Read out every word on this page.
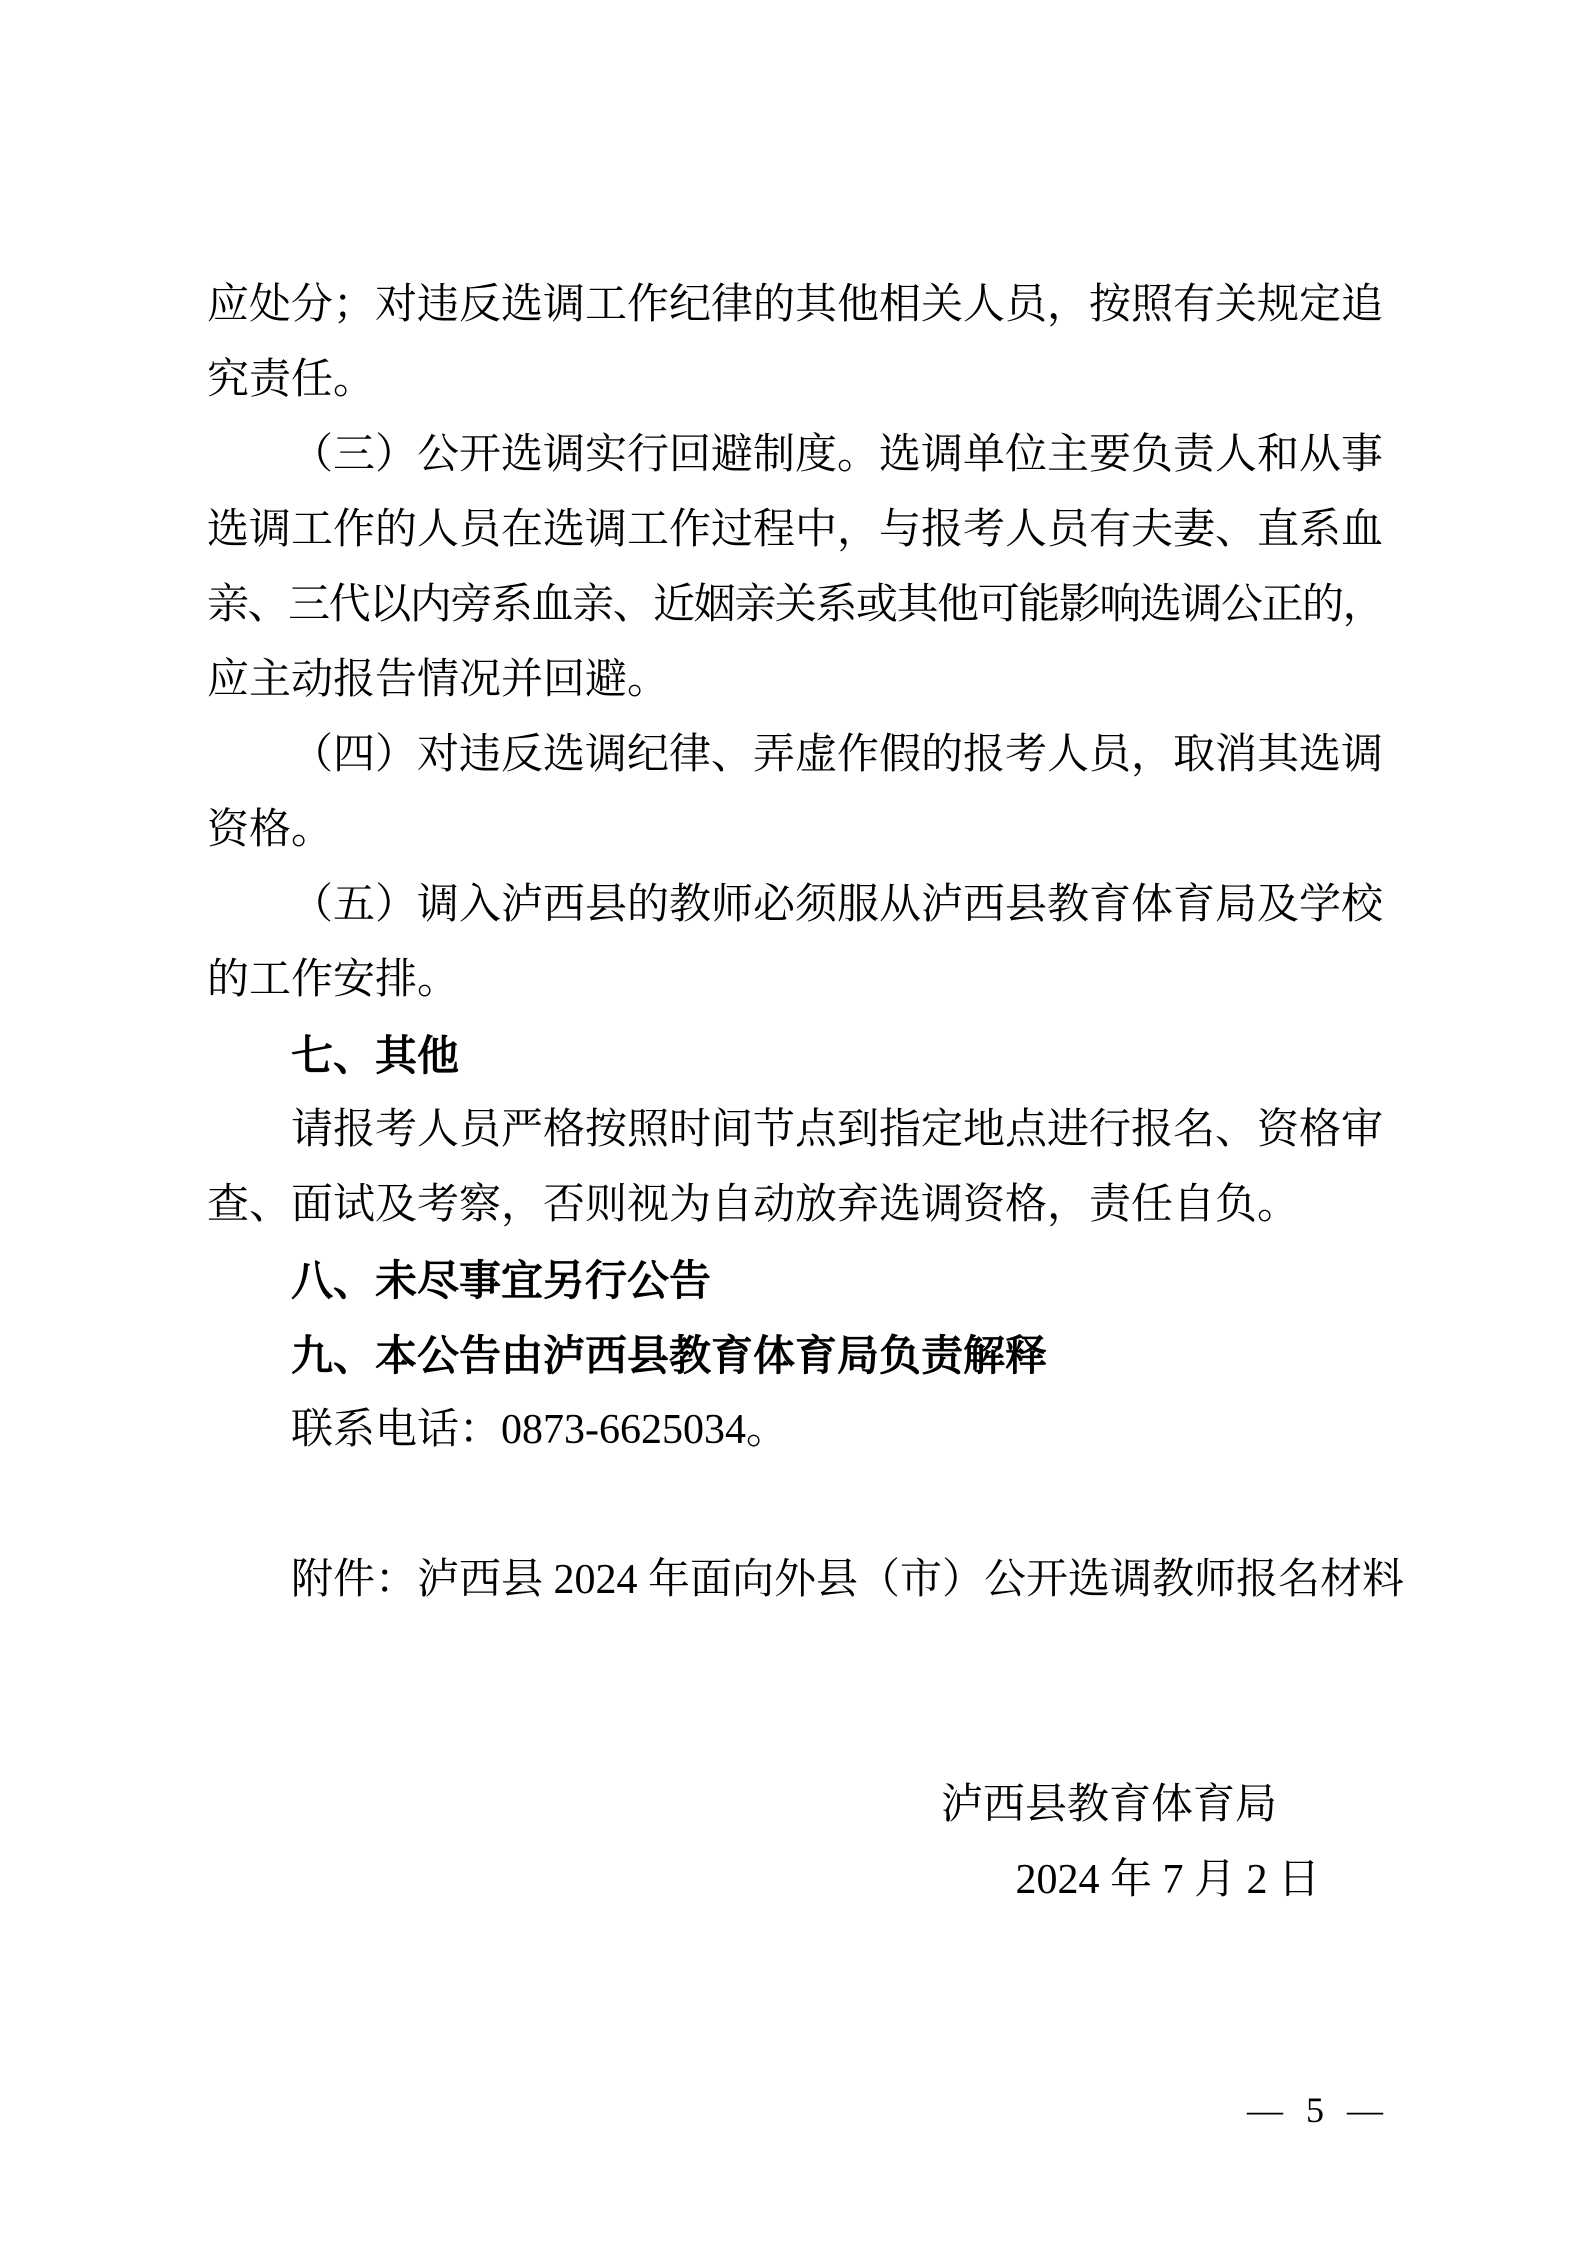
应处分；对违反选调工作纪律的其他相关人员，按照有关规定追
究责任。
（三）公开选调实行回避制度。选调单位主要负责人和从事
选调工作的人员在选调工作过程中，与报考人员有夫妻、直系血
亲、三代以内旁系血亲、近姻亲关系或其他可能影响选调公正的，
应主动报告情况并回避。
（四）对违反选调纪律、弄虚作假的报考人员，取消其选调
资格。
（五）调入泸西县的教师必须服从泸西县教育体育局及学校
的工作安排。
七、其他
请报考人员严格按照时间节点到指定地点进行报名、资格审
查、面试及考察，否则视为自动放弃选调资格，责任自负。
八、未尽事宜另行公告
九、本公告由泸西县教育体育局负责解释
联系电话：0873-6625034。
附件：泸西县 2024 年面向外县（市）公开选调教师报名材料
泸西县教育体育局
2024 年 7 月 2 日
— 5 —
